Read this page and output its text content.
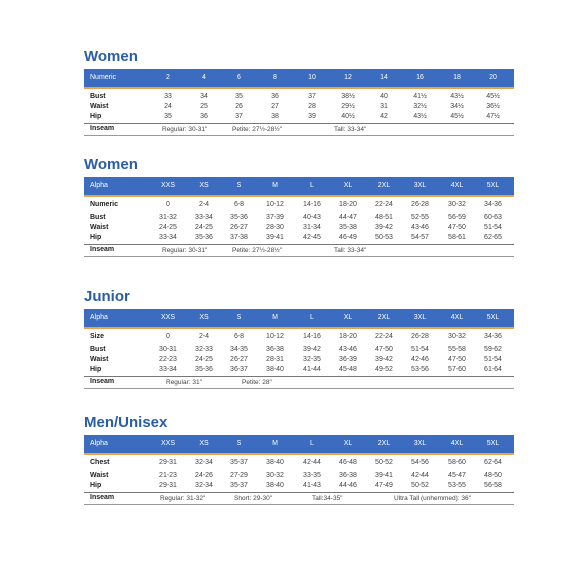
Women
Numeric	2	4	6	8	10	12	14	16	18	20
Bust	33	34	35	36	37	38½	40	41½	43½	45½
Waist	24	25	26	27	28	29½	31	32½	34½	36½
Hip	35	36	37	38	39	40½	42	43½	45½	47½
Inseam	Regular: 30-31"	Petite: 27½-28½"	Tall: 33-34"
Women
Alpha	XXS	XS	S	M	L	XL	2XL	3XL	4XL	5XL
Numeric	0	2-4	6-8	10-12	14-16	18-20	22-24	26-28	30-32	34-36
Bust	31-32	33-34	35-36	37-39	40-43	44-47	48-51	52-55	56-59	60-63
Waist	24-25	24-25	26-27	28-30	31-34	35-38	39-42	43-46	47-50	51-54
Hip	33-34	35-36	37-38	39-41	42-45	46-49	50-53	54-57	58-61	62-65
Inseam	Regular: 30-31"	Petite: 27½-28½"	Tall: 33-34"
Junior
Alpha	XXS	XS	S	M	L	XL	2XL	3XL	4XL	5XL
Size	0	2-4	6-8	10-12	14-16	18-20	22-24	26-28	30-32	34-36
Bust	30-31	32-33	34-35	36-38	39-42	43-46	47-50	51-54	55-58	59-62
Waist	22-23	24-25	26-27	28-31	32-35	36-39	39-42	42-46	47-50	51-54
Hip	33-34	35-36	36-37	38-40	41-44	45-48	49-52	53-56	57-60	61-64
Inseam	Regular: 31"	Petite: 28"
Men/Unisex
Alpha	XXS	XS	S	M	L	XL	2XL	3XL	4XL	5XL
Chest	29-31	32-34	35-37	38-40	42-44	46-48	50-52	54-56	58-60	62-64
Waist	21-23	24-26	27-29	30-32	33-35	36-38	39-41	42-44	45-47	48-50
Hip	29-31	32-34	35-37	38-40	41-43	44-46	47-49	50-52	53-55	56-58
Inseam	Regular: 31-32"	Short: 29-30"	Tall:34-35"	Ultra Tall (unhemmed): 36"
